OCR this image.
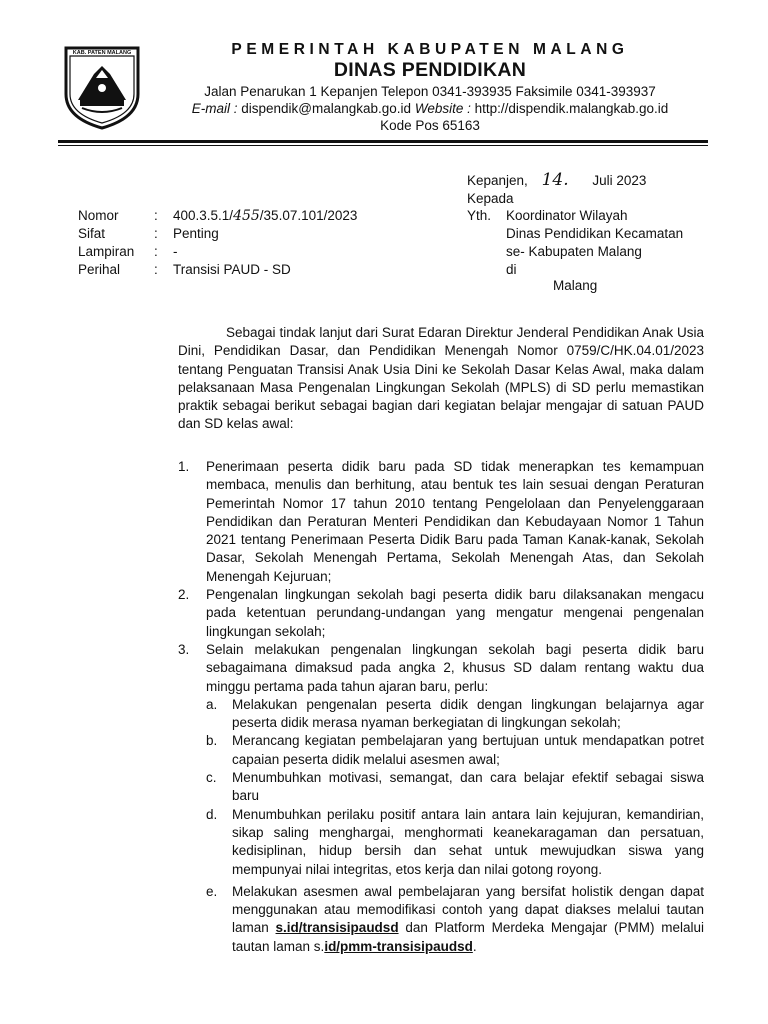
KAB. PATEN MALANG	PEMERINTAH KABUPATEN MALANG
DINAS PENDIDIKAN
Jalan Penarukan 1 Kepanjen Telepon 0341-393935 Faksimile 0341-393937
E-mail : dispendik@malangkab.go.id Website : http://dispendik.malangkab.go.id
Kode Pos 65163
Kepanjen, 14. Juli 2023
Kepada
Yth. Koordinator Wilayah
Dinas Pendidikan Kecamatan
se- Kabupaten Malang
di
Malang
Nomor	: 400.3.5.1/455/35.07.101/2023
Sifat	: Penting
Lampiran : -
Perihal	: Transisi PAUD - SD
Sebagai tindak lanjut dari Surat Edaran Direktur Jenderal Pendidikan Anak Usia Dini, Pendidikan Dasar, dan Pendidikan Menengah Nomor 0759/C/HK.04.01/2023 tentang Penguatan Transisi Anak Usia Dini ke Sekolah Dasar Kelas Awal, maka dalam pelaksanaan Masa Pengenalan Lingkungan Sekolah (MPLS) di SD perlu memastikan praktik sebagai berikut sebagai bagian dari kegiatan belajar mengajar di satuan PAUD dan SD kelas awal:
1.	Penerimaan peserta didik baru pada SD tidak menerapkan tes kemampuan membaca, menulis dan berhitung, atau bentuk tes lain sesuai dengan Peraturan Pemerintah Nomor 17 tahun 2010 tentang Pengelolaan dan Penyelenggaraan Pendidikan dan Peraturan Menteri Pendidikan dan Kebudayaan Nomor 1 Tahun 2021 tentang Penerimaan Peserta Didik Baru pada Taman Kanak-kanak, Sekolah Dasar, Sekolah Menengah Pertama, Sekolah Menengah Atas, dan Sekolah Menengah Kejuruan;
2.	Pengenalan lingkungan sekolah bagi peserta didik baru dilaksanakan mengacu pada ketentuan perundang-undangan yang mengatur mengenai pengenalan lingkungan sekolah;
3.	Selain melakukan pengenalan lingkungan sekolah bagi peserta didik baru sebagaimana dimaksud pada angka 2, khusus SD dalam rentang waktu dua minggu pertama pada tahun ajaran baru, perlu:
a.	Melakukan pengenalan peserta didik dengan lingkungan belajarnya agar peserta didik merasa nyaman berkegiatan di lingkungan sekolah;
b.	Merancang kegiatan pembelajaran yang bertujuan untuk mendapatkan potret capaian peserta didik melalui asesmen awal;
c.	Menumbuhkan motivasi, semangat, dan cara belajar efektif sebagai siswa baru
d.	Menumbuhkan perilaku positif antara lain antara lain kejujuran, kemandirian, sikap saling menghargai, menghormati keanekaragaman dan persatuan, kedisiplinan, hidup bersih dan sehat untuk mewujudkan siswa yang mempunyai nilai integritas, etos kerja dan nilai gotong royong.
e.	Melakukan asesmen awal pembelajaran yang bersifat holistik dengan dapat menggunakan atau memodifikasi contoh yang dapat diakses melalui tautan laman s.id/transisipaudsd dan Platform Merdeka Mengajar (PMM) melalui tautan laman s.id/pmm-transisipaudsd.
